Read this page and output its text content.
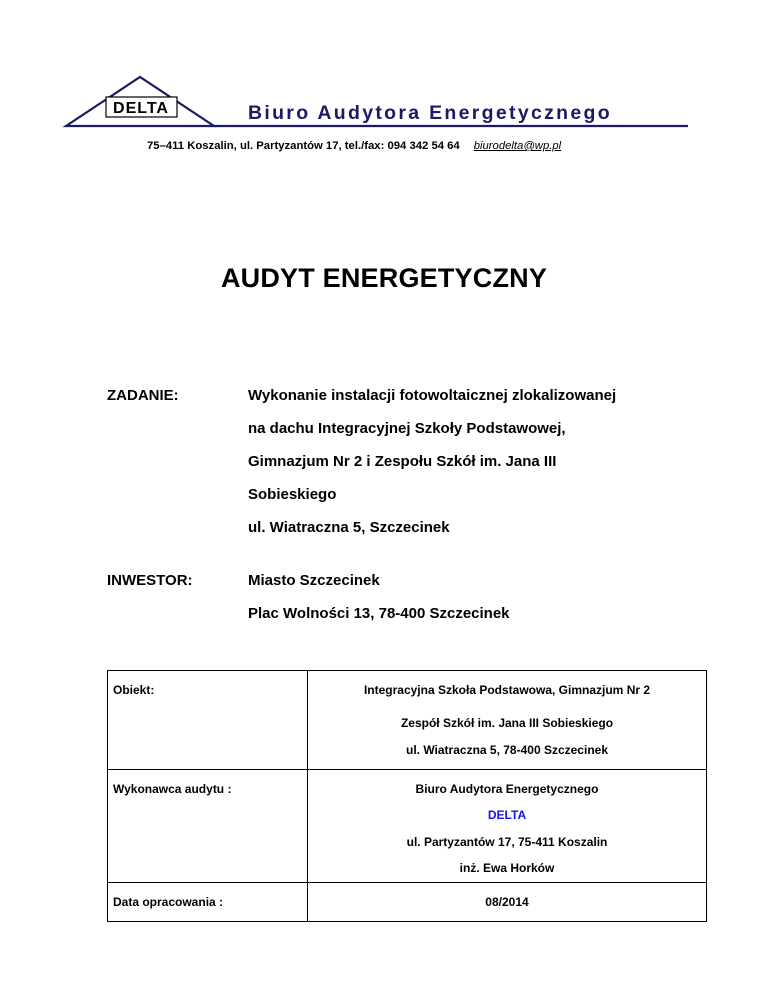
DELTA	Biuro Audytora Energetycznego
75–411 Koszalin, ul. Partyzantów 17, tel./fax: 094 342 54 64 biurodelta@wp.pl
AUDYT ENERGETYCZNY
ZADANIE:	Wykonanie instalacji fotowoltaicznej zlokalizowanej
na dachu Integracyjnej Szkoły Podstawowej,
Gimnazjum Nr 2 i Zespołu Szkół im. Jana III
Sobieskiego
ul. Wiatraczna 5, Szczecinek
INWESTOR:	Miasto Szczecinek
Plac Wolności 13, 78-400 Szczecinek
Obiekt:	Integracyjna Szkoła Podstawowa, Gimnazjum Nr 2
Zespół Szkół im. Jana III Sobieskiego
ul. Wiatraczna 5, 78-400 Szczecinek

Wykonawca audytu :	Biuro Audytora Energetycznego
DELTA
ul. Partyzantów 17, 75-411 Koszalin
inż. Ewa Horków

Data opracowania :	08/2014
